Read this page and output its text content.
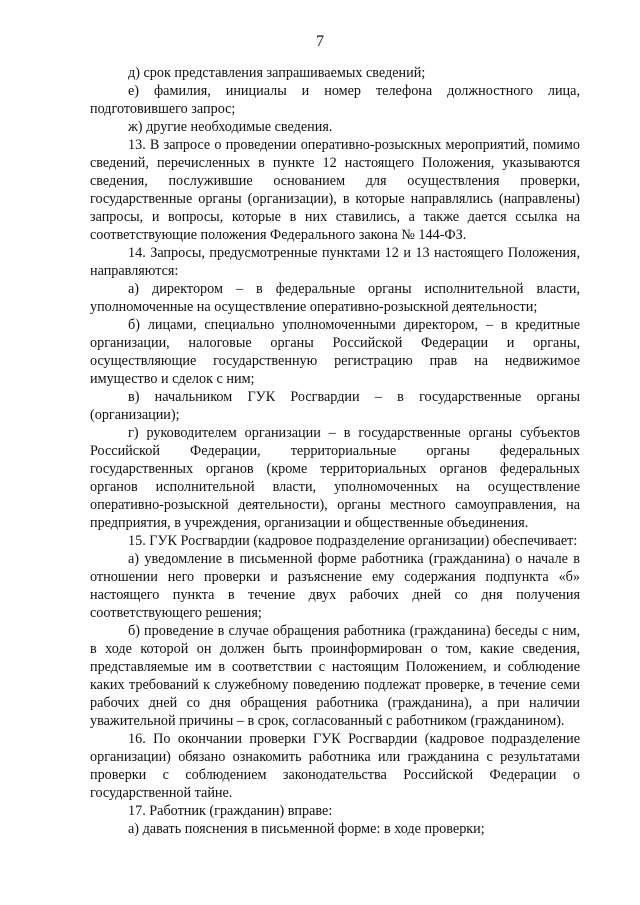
7

д) срок представления запрашиваемых сведений;

е) фамилия, инициалы и номер телефона должностного лица, подготовившего запрос;

ж) другие необходимые сведения.

13. В запросе о проведении оперативно-розыскных мероприятий, помимо сведений, перечисленных в пункте 12 настоящего Положения, указываются сведения, послужившие основанием для осуществления проверки, государственные органы (организации), в которые направлялись (направлены) запросы, и вопросы, которые в них ставились, а также дается ссылка на соответствующие положения Федерального закона № 144-ФЗ.

14. Запросы, предусмотренные пунктами 12 и 13 настоящего Положения, направляются:

а) директором – в федеральные органы исполнительной власти, уполномоченные на осуществление оперативно-розыскной деятельности;

б) лицами, специально уполномоченными директором, – в кредитные организации, налоговые органы Российской Федерации и органы, осуществляющие государственную регистрацию прав на недвижимое имущество и сделок с ним;

в) начальником ГУК Росгвардии – в государственные органы (организации);

г) руководителем организации – в государственные органы субъектов Российской Федерации, территориальные органы федеральных государственных органов (кроме территориальных органов федеральных органов исполнительной власти, уполномоченных на осуществление оперативно-розыскной деятельности), органы местного самоуправления, на предприятия, в учреждения, организации и общественные объединения.

15. ГУК Росгвардии (кадровое подразделение организации) обеспечивает:

а) уведомление в письменной форме работника (гражданина) о начале в отношении него проверки и разъяснение ему содержания подпункта «б» настоящего пункта в течение двух рабочих дней со дня получения соответствующего решения;

б) проведение в случае обращения работника (гражданина) беседы с ним, в ходе которой он должен быть проинформирован о том, какие сведения, представляемые им в соответствии с настоящим Положением, и соблюдение каких требований к служебному поведению подлежат проверке, в течение семи рабочих дней со дня обращения работника (гражданина), а при наличии уважительной причины – в срок, согласованный с работником (гражданином).

16. По окончании проверки ГУК Росгвардии (кадровое подразделение организации) обязано ознакомить работника или гражданина с результатами проверки с соблюдением законодательства Российской Федерации о государственной тайне.

17. Работник (гражданин) вправе:

а) давать пояснения в письменной форме: в ходе проверки;
